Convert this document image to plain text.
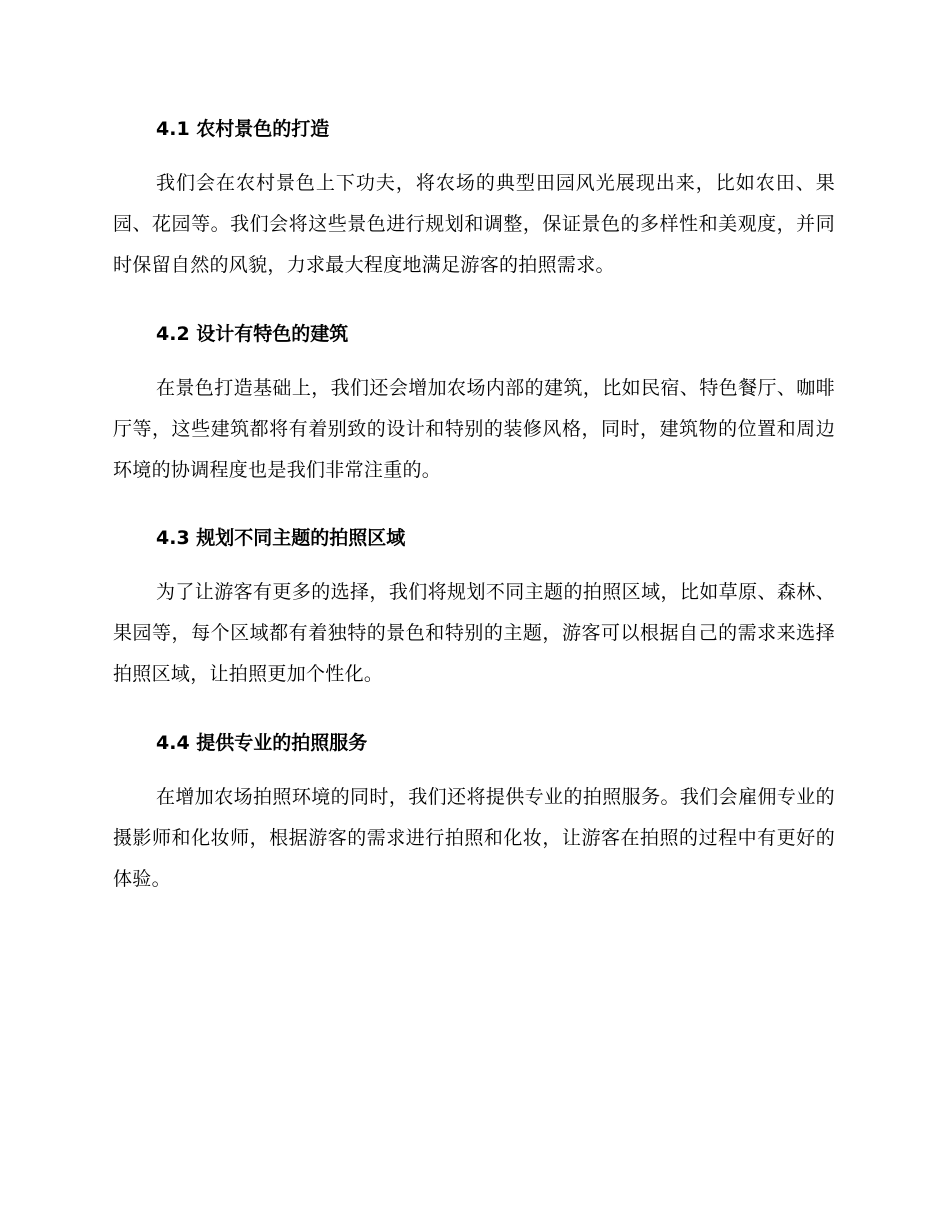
4.1 农村景色的打造

我们会在农村景色上下功夫，将农场的典型田园风光展现出来，比如农田、果园、花园等。我们会将这些景色进行规划和调整，保证景色的多样性和美观度，并同时保留自然的风貌，力求最大程度地满足游客的拍照需求。

4.2 设计有特色的建筑

在景色打造基础上，我们还会增加农场内部的建筑，比如民宿、特色餐厅、咖啡厅等，这些建筑都将有着别致的设计和特别的装修风格，同时，建筑物的位置和周边环境的协调程度也是我们非常注重的。

4.3 规划不同主题的拍照区域

为了让游客有更多的选择，我们将规划不同主题的拍照区域，比如草原、森林、果园等，每个区域都有着独特的景色和特别的主题，游客可以根据自己的需求来选择拍照区域，让拍照更加个性化。

4.4 提供专业的拍照服务

在增加农场拍照环境的同时，我们还将提供专业的拍照服务。我们会雇佣专业的摄影师和化妆师，根据游客的需求进行拍照和化妆，让游客在拍照的过程中有更好的体验。
